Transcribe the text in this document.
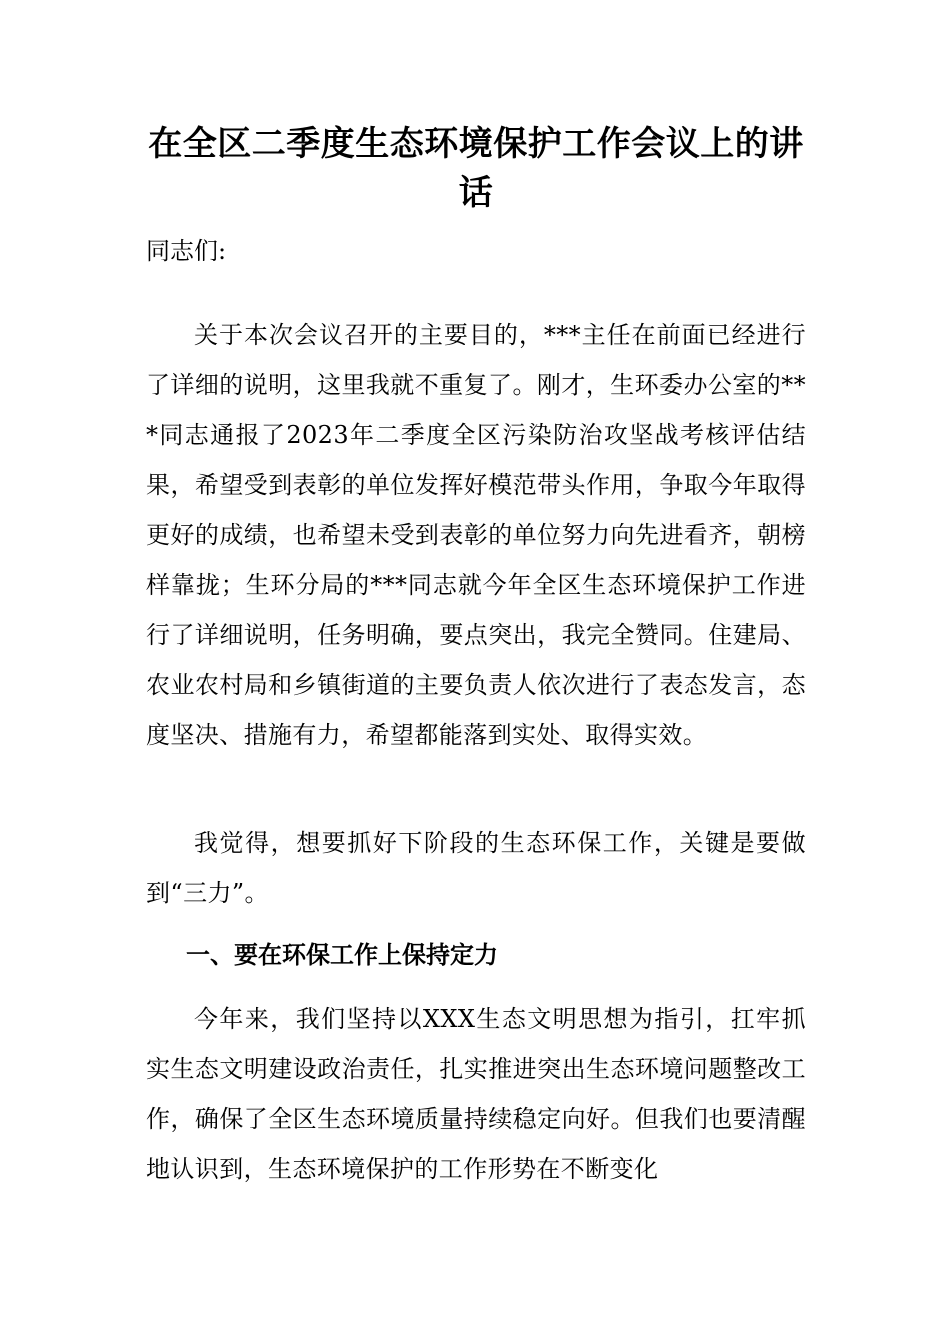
在全区二季度生态环境保护工作会议上的讲话

同志们:

关于本次会议召开的主要目的，***主任在前面已经进行了详细的说明，这里我就不重复了。刚才，生环委办公室的***同志通报了2023年二季度全区污染防治攻坚战考核评估结果，希望受到表彰的单位发挥好模范带头作用，争取今年取得更好的成绩，也希望未受到表彰的单位努力向先进看齐，朝榜样靠拢；生环分局的***同志就今年全区生态环境保护工作进行了详细说明，任务明确，要点突出，我完全赞同。住建局、农业农村局和乡镇街道的主要负责人依次进行了表态发言，态度坚决、措施有力，希望都能落到实处、取得实效。

我觉得，想要抓好下阶段的生态环保工作，关键是要做到“三力”。

一、要在环保工作上保持定力

今年来，我们坚持以XXX生态文明思想为指引，扛牢抓实生态文明建设政治责任，扎实推进突出生态环境问题整改工作，确保了全区生态环境质量持续稳定向好。但我们也要清醒地认识到，生态环境保护的工作形势在不断变化
